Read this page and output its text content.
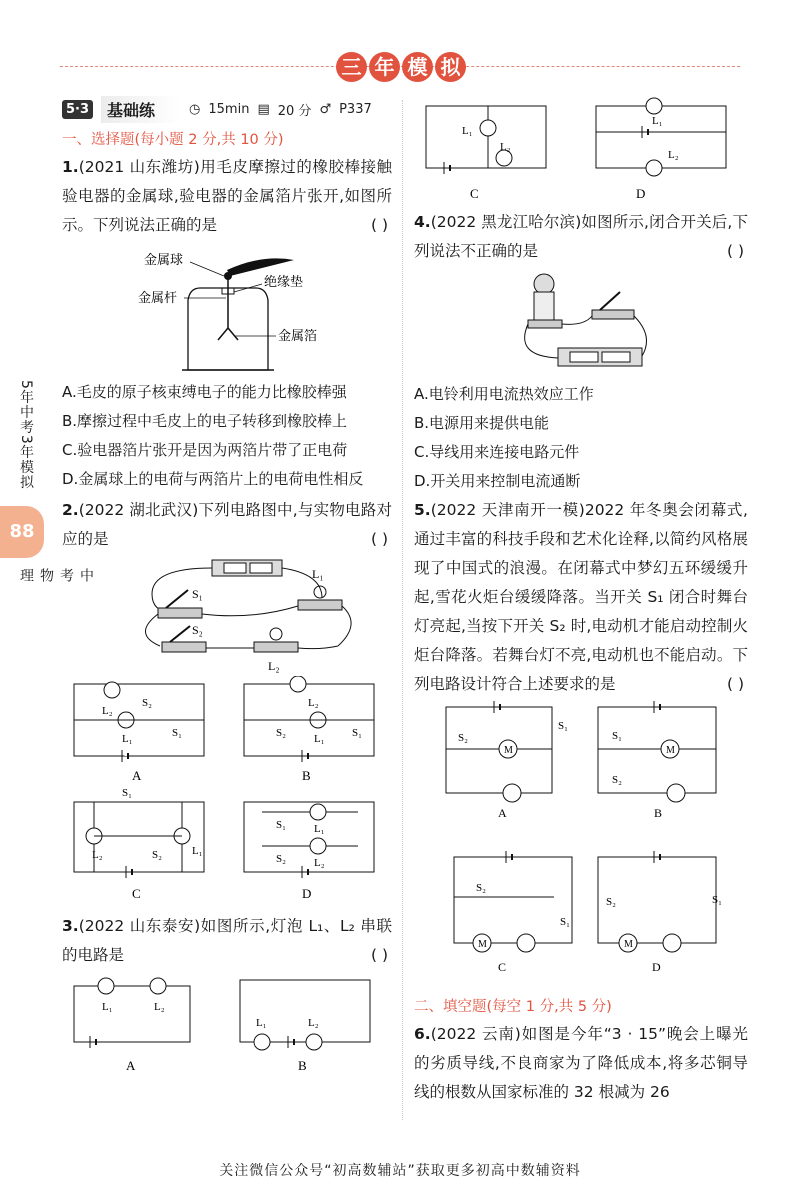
三 年 模 拟
5年中考3年模拟
88
中考物理
5·3	基础练	◷ 15min ▤ 20 分 ♂ P337
一、选择题(每小题 2 分,共 10 分)
1.(2021 山东潍坊)用毛皮摩擦过的橡胶棒接触验电器的金属球,验电器的金属箔片张开,如图所示。下列说法正确的是	( )
金属球
金属杆
绝缘垫
金属箔
A.毛皮的原子核束缚电子的能力比橡胶棒强
B.摩擦过程中毛皮上的电子转移到橡胶棒上
C.验电器箔片张开是因为两箔片带了正电荷
D.金属球上的电荷与两箔片上的电荷电性相反
2.(2022 湖北武汉)下列电路图中,与实物电路对应的是	( )
S₁
L₁
S₂
L₂
S₂
S₁
L₂
L₁
A
L₂
S₂	L₁ S₁
B
S₁
L₂	S₂	L₁
C
S₁	L₁
S₂	L₂
D
3.(2022 山东泰安)如图所示,灯泡 L₁、L₂ 串联的电路是	( )
L₁	L₂
A
L₁	L₂
B
L₁
L₂
C
L₁
L₂
D
4.(2022 黑龙江哈尔滨)如图所示,闭合开关后,下列说法不正确的是	( )
A.电铃利用电流热效应工作
B.电源用来提供电能
C.导线用来连接电路元件
D.开关用来控制电流通断
5.(2022 天津南开一模)2022 年冬奥会闭幕式,通过丰富的科技手段和艺术化诠释,以简约风格展现了中国式的浪漫。在闭幕式中梦幻五环缓缓升起,雪花火炬台缓缓降落。当开关 S₁ 闭合时舞台灯亮起,当按下开关 S₂ 时,电动机才能启动控制火炬台降落。若舞台灯不亮,电动机也不能启动。下列电路设计符合上述要求的是	( )
M
S₂
S₁
A
M
S₁
S₂
B
M
S₂
S₁
C
M
S₂	S₁
D
二、填空题(每空 1 分,共 5 分)
6.(2022 云南)如图是今年“3 · 15”晚会上曝光的劣质导线,不良商家为了降低成本,将多芯铜导线的根数从国家标准的 32 根减为 26
关注微信公众号“初高数辅站”获取更多初高中数辅资料
